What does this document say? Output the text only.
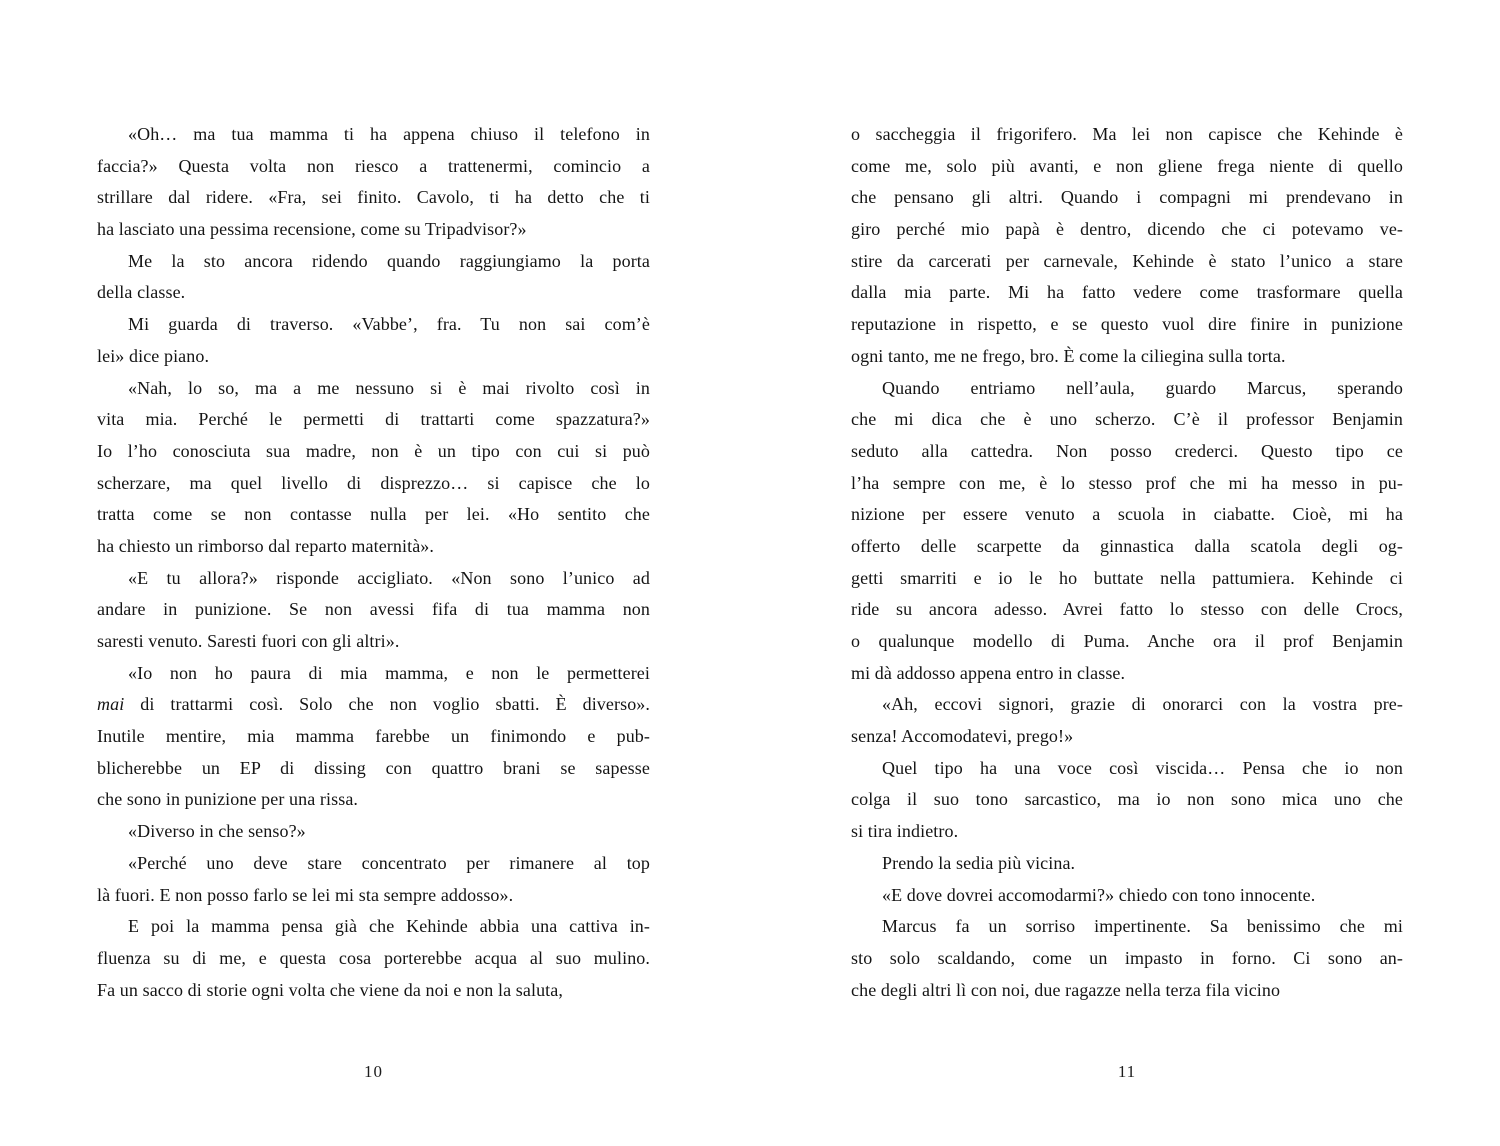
«Oh… ma tua mamma ti ha appena chiuso il telefono in
faccia?» Questa volta non riesco a trattenermi, comincio a
strillare dal ridere. «Fra, sei finito. Cavolo, ti ha detto che ti
ha lasciato una pessima recensione, come su Tripadvisor?»

Me la sto ancora ridendo quando raggiungiamo la porta
della classe.

Mi guarda di traverso. «Vabbe’, fra. Tu non sai com’è
lei» dice piano.

«Nah, lo so, ma a me nessuno si è mai rivolto così in
vita mia. Perché le permetti di trattarti come spazzatura?»
Io l’ho conosciuta sua madre, non è un tipo con cui si può
scherzare, ma quel livello di disprezzo… si capisce che lo
tratta come se non contasse nulla per lei. «Ho sentito che
ha chiesto un rimborso dal reparto maternità».

«E tu allora?» risponde accigliato. «Non sono l’unico ad
andare in punizione. Se non avessi fifa di tua mamma non
saresti venuto. Saresti fuori con gli altri».

«Io non ho paura di mia mamma, e non le permetterei
mai di trattarmi così. Solo che non voglio sbatti. È diverso».
Inutile mentire, mia mamma farebbe un finimondo e pub-
blicherebbe un EP di dissing con quattro brani se sapesse
che sono in punizione per una rissa.

«Diverso in che senso?»

«Perché uno deve stare concentrato per rimanere al top
là fuori. E non posso farlo se lei mi sta sempre addosso».

E poi la mamma pensa già che Kehinde abbia una cattiva in-
fluenza su di me, e questa cosa porterebbe acqua al suo mulino.
Fa un sacco di storie ogni volta che viene da noi e non la saluta,

10

o saccheggia il frigorifero. Ma lei non capisce che Kehinde è
come me, solo più avanti, e non gliene frega niente di quello
che pensano gli altri. Quando i compagni mi prendevano in
giro perché mio papà è dentro, dicendo che ci potevamo ve-
stire da carcerati per carnevale, Kehinde è stato l’unico a stare
dalla mia parte. Mi ha fatto vedere come trasformare quella
reputazione in rispetto, e se questo vuol dire finire in punizione
ogni tanto, me ne frego, bro. È come la ciliegina sulla torta.

Quando entriamo nell’aula, guardo Marcus, sperando
che mi dica che è uno scherzo. C’è il professor Benjamin
seduto alla cattedra. Non posso crederci. Questo tipo ce
l’ha sempre con me, è lo stesso prof che mi ha messo in pu-
nizione per essere venuto a scuola in ciabatte. Cioè, mi ha
offerto delle scarpette da ginnastica dalla scatola degli og-
getti smarriti e io le ho buttate nella pattumiera. Kehinde ci
ride su ancora adesso. Avrei fatto lo stesso con delle Crocs,
o qualunque modello di Puma. Anche ora il prof Benjamin
mi dà addosso appena entro in classe.

«Ah, eccovi signori, grazie di onorarci con la vostra pre-
senza! Accomodatevi, prego!»

Quel tipo ha una voce così viscida… Pensa che io non
colga il suo tono sarcastico, ma io non sono mica uno che
si tira indietro.

Prendo la sedia più vicina.

«E dove dovrei accomodarmi?» chiedo con tono innocente.

Marcus fa un sorriso impertinente. Sa benissimo che mi
sto solo scaldando, come un impasto in forno. Ci sono an-
che degli altri lì con noi, due ragazze nella terza fila vicino

11
